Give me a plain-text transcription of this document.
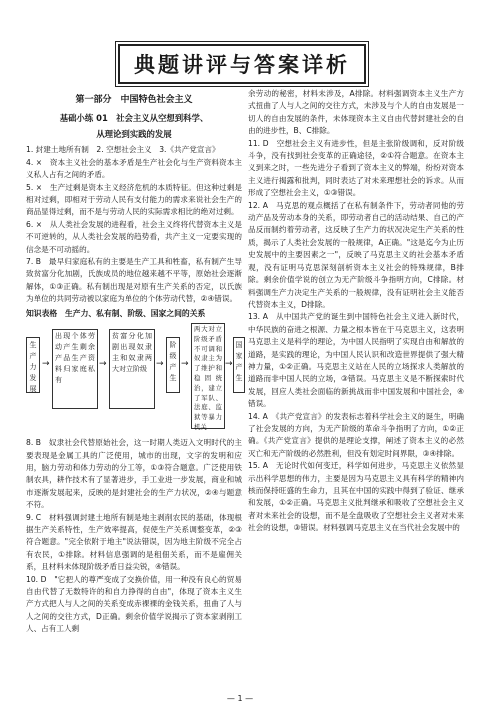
典题讲评与答案详析
第一部分　中国特色社会主义
基础小练 01　社会主义从空想到科学、
从理论到实践的发展

1. 封建土地所有制　2. 空想社会主义　3.《共产党宣言》

4. ×　资本主义社会的基本矛盾是生产社会化与生产资料资本主义私人占有之间的矛盾。

5. ×　生产过剩是资本主义经济危机的本质特征。但这种过剩是相对过剩，即相对于劳动人民有支付能力的需求来说社会生产的商品显得过剩，而不是与劳动人民的实际需求相比的绝对过剩。

6. ×　从人类社会发展的进程看，社会主义终将代替资本主义是不可逆转的，从人类社会发展的趋势看，共产主义一定要实现的信念是不可动摇的。

7. B　最早归家庭私有的主要是生产工具和牲畜，私有制产生导致贫富分化加剧，氏族成员的地位越来越不平等，原始社会逐渐解体，①③正确。私有制出现是对原有生产关系的否定，以氏族为单位的共同劳动被以家庭为单位的个体劳动代替，②④错误。

知识表格　生产力、私有制、阶级、国家之间的关系
生产力发展
→
出现个体劳动产生剩余产品生产资料归家庭私有
→
贫富分化加剧出现奴隶主和奴隶两大对立阶级	→
阶级产生
→
两大对立阶级矛盾不可调和奴隶主为了维护和稳固统治，建立了军队、法庭、监狱等暴力机关
→
国家产生

8. B　奴隶社会代替原始社会，这一时期人类迈入文明时代的主要表现是金属工具的广泛使用，城市的出现，文字的发明和应用，脑力劳动和体力劳动的分工等，①③符合题意。广泛使用铁制农具，耕作技术有了显著进步，手工业进一步发展，商业和城市逐渐发展起来，反映的是封建社会的生产力状况，②④与题意不符。

9. C　材料强调封建土地所有制是地主剥削农民的基础，体现根据生产关系特性，生产效率提高，促使生产关系调整变革，②③符合题意。"完全依附于地主"说法错误，因为地主阶级不完全占有农民，①排除。材料信息强调的是租佃关系，而不是雇佣关系，且材料未体现阶级矛盾日益尖锐，④错误。

10. D　"它把人的尊严变成了交换价值，用一种没有良心的贸易自由代替了无数特许的和自力挣得的自由"，体现了资本主义生产方式把人与人之间的关系变成赤裸裸的金钱关系，扭曲了人与人之间的交往方式，D正确。剩余价值学说揭示了资本家剥削工人、占有工人剩

余劳动的秘密，材料未涉及，A排除。材料强调资本主义生产方式扭曲了人与人之间的交往方式，未涉及与个人的自由发展是一切人的自由发展的条件，未体现资本主义自由代替封建社会的自由的进步性，B、C排除。

11. D　空想社会主义有进步性，但是主张阶级调和，反对阶级斗争，没有找到社会变革的正确途径，②①符合题意。在资本主义到来之时，一些先进分子看到了资本主义的弊端，纷纷对资本主义进行揭露和批判，同时表达了对未来理想社会的诉求。从而形成了空想社会主义，①③错误。

12. A　马克思的观点概括了在私有制条件下，劳动者同他的劳动产品及劳动本身的关系，即劳动者自己的活动结果、自己的产品反而制约着劳动者，这反映了生产力的状况决定生产关系的性质，揭示了人类社会发展的一般规律，A正确。"这是迄今为止历史发展中的主要因素之一"，反映了马克思主义的社会基本矛盾观，没有证明马克思深刻剖析资本主义社会的特殊规律，B排除。剩余价值学说的创立为无产阶级斗争指明方向，C排除。材料强调生产力决定生产关系的一般规律，没有证明社会主义能否代替资本主义，D排除。

13. A　从中国共产党的诞生到中国特色社会主义进入新时代，中华民族的奋进之根源、力量之根本皆在于马克思主义，这表明马克思主义是科学的理论，为中国人民指明了实现自由和解放的道路，是实践的理论，为中国人民认识和改造世界提供了强大精神力量，①②正确。马克思主义站在人民的立场探求人类解放的道路而非中国人民的立场，③错误。马克思主义是不断探索时代发展，回应人类社会面临的新挑战而非中国发展和中国社会，④错误。

14. A　《共产党宣言》的发表标志着科学社会主义的诞生，明确了社会发展的方向，为无产阶级的革命斗争指明了方向，①②正确。《共产党宣言》提供的是理论支撑，阐述了资本主义的必然灭亡和无产阶级的必然胜利，但没有划定时间界限，③④排除。

15. A　无论时代如何变迁，科学如何进步，马克思主义依然显示出科学思想的伟力，主要是因为马克思主义具有科学的精神内核而保持旺盛的生命力，且其在中国的实践中得到了验证、继承和发展，①②正确。马克思主义批判继承和吸收了空想社会主义者对未来社会的设想，而不是全盘吸收了空想社会主义者对未来社会的设想，③错误。材料强调马克思主义在当代社会发展中的

— 1 —
